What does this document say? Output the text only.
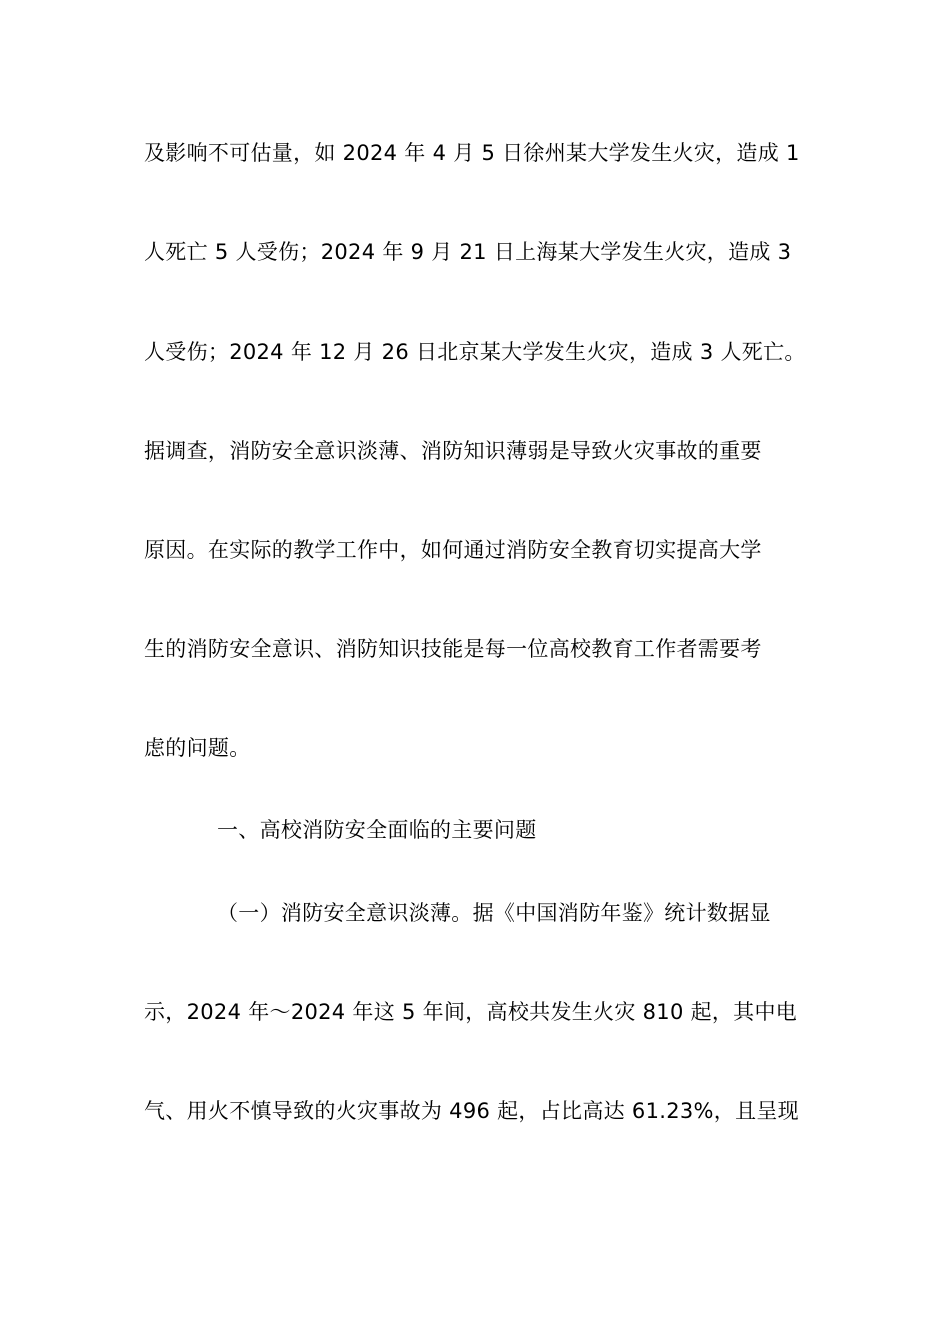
及影响不可估量，如 2024 年 4 月 5 日徐州某大学发生火灾，造成 1
人死亡 5 人受伤；2024 年 9 月 21 日上海某大学发生火灾，造成 3
人受伤；2024 年 12 月 26 日北京某大学发生火灾，造成 3 人死亡。
据调查，消防安全意识淡薄、消防知识薄弱是导致火灾事故的重要
原因。在实际的教学工作中，如何通过消防安全教育切实提高大学
生的消防安全意识、消防知识技能是每一位高校教育工作者需要考
虑的问题。
一、高校消防安全面临的主要问题
（一）消防安全意识淡薄。据《中国消防年鉴》统计数据显
示，2024 年～2024 年这 5 年间，高校共发生火灾 810 起，其中电
气、用火不慎导致的火灾事故为 496 起，占比高达 61.23%，且呈现
